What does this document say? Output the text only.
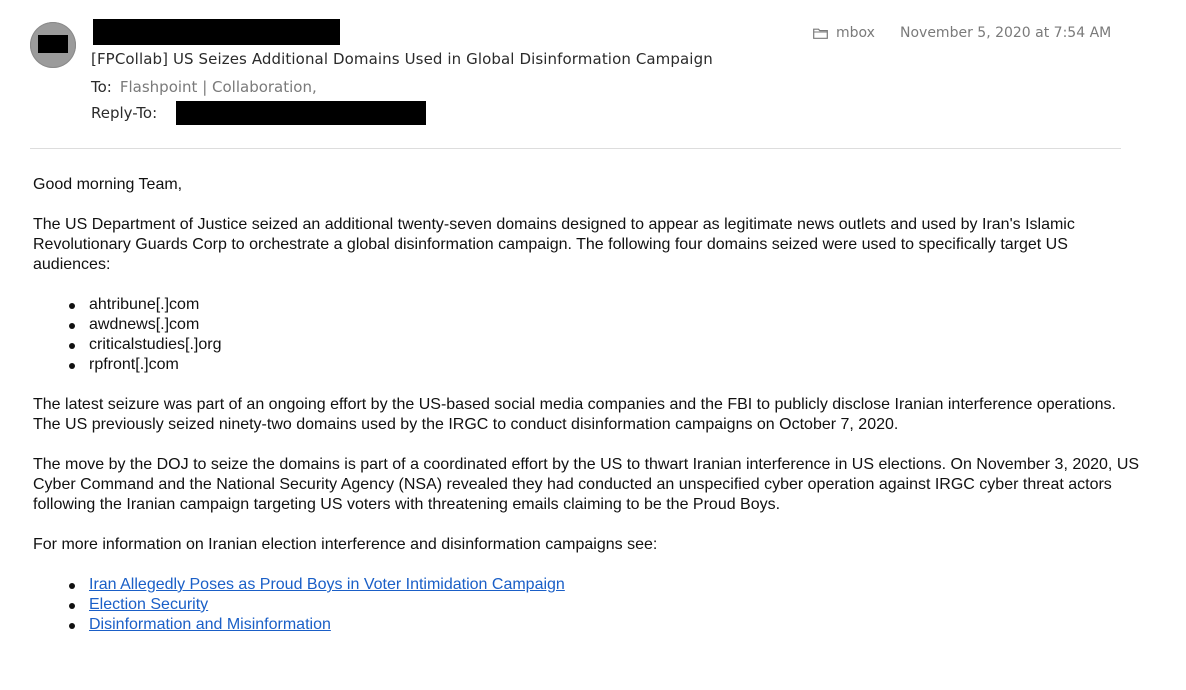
[FPCollab] US Seizes Additional Domains Used in Global Disinformation Campaign
To: Flashpoint | Collaboration,
Reply-To:
mbox November 5, 2020 at 7:54 AM

Good morning Team,

The US Department of Justice seized an additional twenty-seven domains designed to appear as legitimate news outlets and used by Iran's Islamic Revolutionary Guards Corp to orchestrate a global disinformation campaign. The following four domains seized were used to specifically target US audiences:

ahtribune[.]com
awdnews[.]com
criticalstudies[.]org
rpfront[.]com

The latest seizure was part of an ongoing effort by the US-based social media companies and the FBI to publicly disclose Iranian interference operations. The US previously seized ninety-two domains used by the IRGC to conduct disinformation campaigns on October 7, 2020.

The move by the DOJ to seize the domains is part of a coordinated effort by the US to thwart Iranian interference in US elections. On November 3, 2020, US Cyber Command and the National Security Agency (NSA) revealed they had conducted an unspecified cyber operation against IRGC cyber threat actors following the Iranian campaign targeting US voters with threatening emails claiming to be the Proud Boys.

For more information on Iranian election interference and disinformation campaigns see:

Iran Allegedly Poses as Proud Boys in Voter Intimidation Campaign
Election Security
Disinformation and Misinformation
